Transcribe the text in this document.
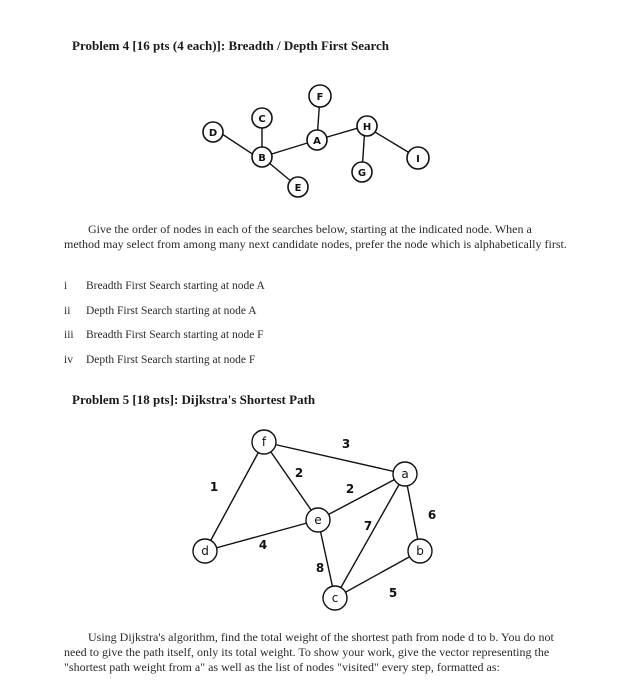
Problem 4 [16 pts (4 each)]: Breadth / Depth First Search
D
C
B
F
A
E
H
G
I
f
a
e
d	b
c
1
2
3
2
4
8
7
6
5
Give the order of nodes in each of the searches below, starting at the indicated node. When a method may select from among many next candidate nodes, prefer the node which is alphabetically first.
i	Breadth First Search starting at node A
ii	Depth First Search starting at node A
iii	Breadth First Search starting at node F
iv	Depth First Search starting at node F
Problem 5 [18 pts]: Dijkstra's Shortest Path
Using Dijkstra's algorithm, find the total weight of the shortest path from node d to b. You do not need to give the path itself, only its total weight. To show your work, give the vector representing the "shortest path weight from a" as well as the list of nodes "visited" every step, formatted as:
